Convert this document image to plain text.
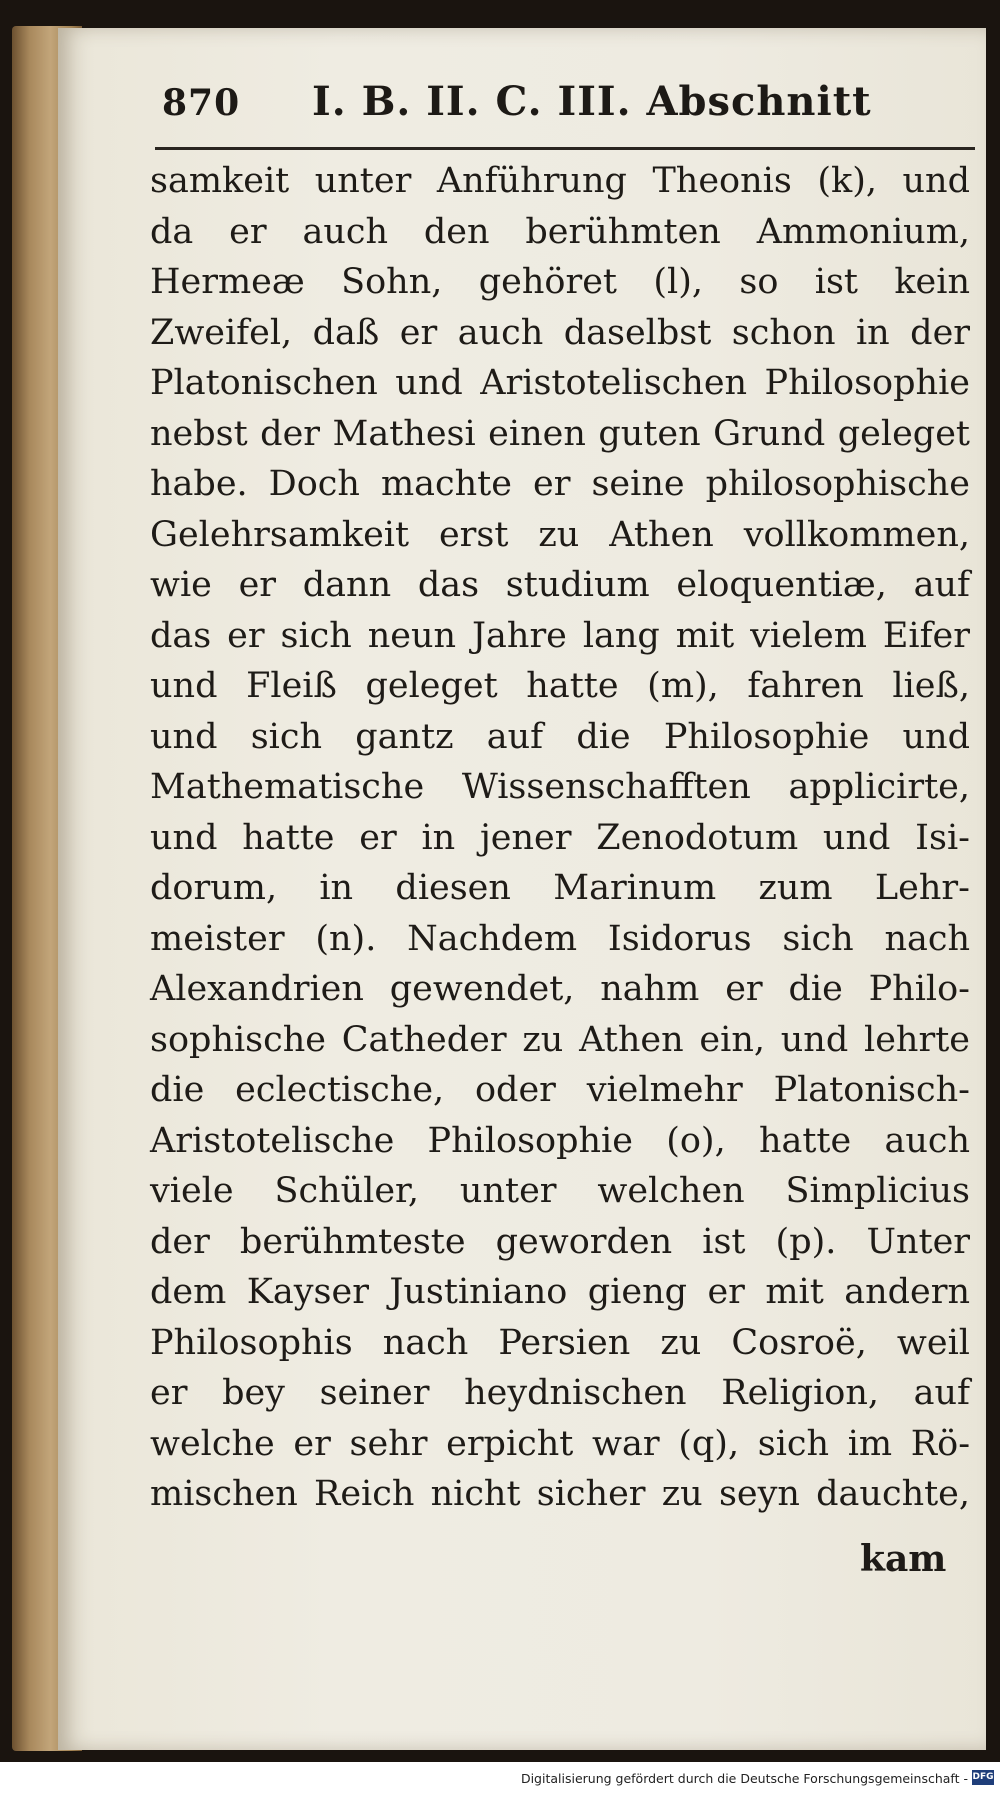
870 I. B. II. C. III. Abschnitt
samkeit unter Anführung Theonis (k), und
da er auch den berühmten Ammonium,
Hermeæ Sohn, gehöret (l), so ist kein
Zweifel, daß er auch daselbst schon in der
Platonischen und Aristotelischen Philosophie
nebst der Mathesi einen guten Grund geleget
habe. Doch machte er seine philosophische
Gelehrsamkeit erst zu Athen vollkommen,
wie er dann das studium eloquentiæ, auf
das er sich neun Jahre lang mit vielem Eifer
und Fleiß geleget hatte (m), fahren ließ,
und sich gantz auf die Philosophie und
Mathematische Wissenschafften applicirte,
und hatte er in jener Zenodotum und Isi-
dorum, in diesen Marinum zum Lehr-
meister (n). Nachdem Isidorus sich nach
Alexandrien gewendet, nahm er die Philo-
sophische Catheder zu Athen ein, und lehrte
die eclectische, oder vielmehr Platonisch-
Aristotelische Philosophie (o), hatte auch
viele Schüler, unter welchen Simplicius
der berühmteste geworden ist (p). Unter
dem Kayser Justiniano gieng er mit andern
Philosophis nach Persien zu Cosroë, weil
er bey seiner heydnischen Religion, auf
welche er sehr erpicht war (q), sich im Rö-
mischen Reich nicht sicher zu seyn dauchte,
kam
Digitalisierung gefördert durch die Deutsche Forschungsgemeinschaft - DFG
